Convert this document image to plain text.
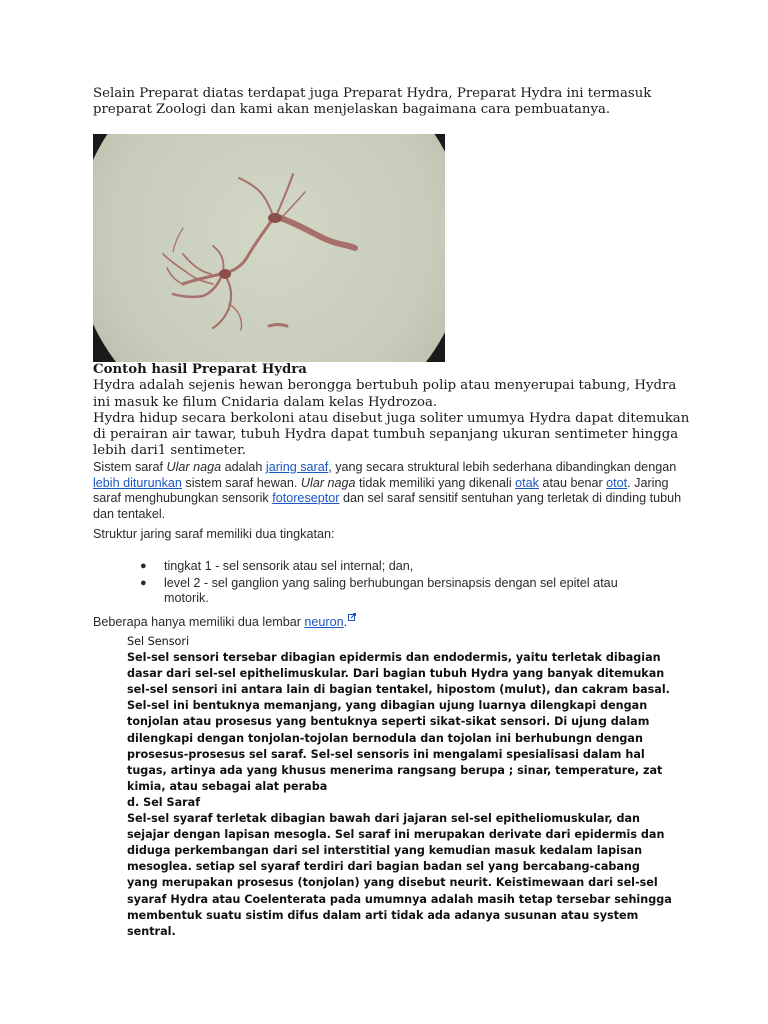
Selain Preparat diatas terdapat juga Preparat Hydra, Preparat Hydra ini termasuk preparat Zoologi dan kami akan menjelaskan bagaimana cara pembuatanya.

Contoh hasil Preparat Hydra

Hydra adalah sejenis hewan berongga bertubuh polip atau menyerupai tabung, Hydra ini masuk ke filum Cnidaria dalam kelas Hydrozoa.

Hydra hidup secara berkoloni atau disebut juga soliter umumya Hydra dapat ditemukan di perairan air tawar, tubuh Hydra dapat tumbuh sepanjang ukuran sentimeter hingga lebih dari1 sentimeter.

Sistem saraf Ular naga adalah jaring saraf, yang secara struktural lebih sederhana dibandingkan dengan lebih diturunkan sistem saraf hewan. Ular naga tidak memiliki yang dikenali otak atau benar otot. Jaring saraf menghubungkan sensorik fotoreseptor dan sel saraf sensitif sentuhan yang terletak di dinding tubuh dan tentakel.

Struktur jaring saraf memiliki dua tingkatan:

● tingkat 1 - sel sensorik atau sel internal; dan,
● level 2 - sel ganglion yang saling berhubungan bersinapsis dengan sel epitel atau motorik.

Beberapa hanya memiliki dua lembar neuron.

Sel Sensori
Sel-sel sensori tersebar dibagian epidermis dan endodermis, yaitu terletak dibagian dasar dari sel-sel epithelimuskular. Dari bagian tubuh Hydra yang banyak ditemukan sel-sel sensori ini antara lain di bagian tentakel, hipostom (mulut), dan cakram basal. Sel-sel ini bentuknya memanjang, yang dibagian ujung luarnya dilengkapi dengan tonjolan atau prosesus yang bentuknya seperti sikat-sikat sensori. Di ujung dalam dilengkapi dengan tonjolan-tojolan bernodula dan tojolan ini berhubungn dengan prosesus-prosesus sel saraf. Sel-sel sensoris ini mengalami spesialisasi dalam hal tugas, artinya ada yang khusus menerima rangsang berupa ; sinar, temperature, zat kimia, atau sebagai alat peraba
d. Sel Saraf
Sel-sel syaraf terletak dibagian bawah dari jajaran sel-sel epitheliomuskular, dan sejajar dengan lapisan mesogla. Sel saraf ini merupakan derivate dari epidermis dan diduga perkembangan dari sel interstitial yang kemudian masuk kedalam lapisan mesoglea. setiap sel syaraf terdiri dari bagian badan sel yang bercabang-cabang yang merupakan prosesus (tonjolan) yang disebut neurit. Keistimewaan dari sel-sel syaraf Hydra atau Coelenterata pada umumnya adalah masih tetap tersebar sehingga membentuk suatu sistim difus dalam arti tidak ada adanya susunan atau system sentral.
